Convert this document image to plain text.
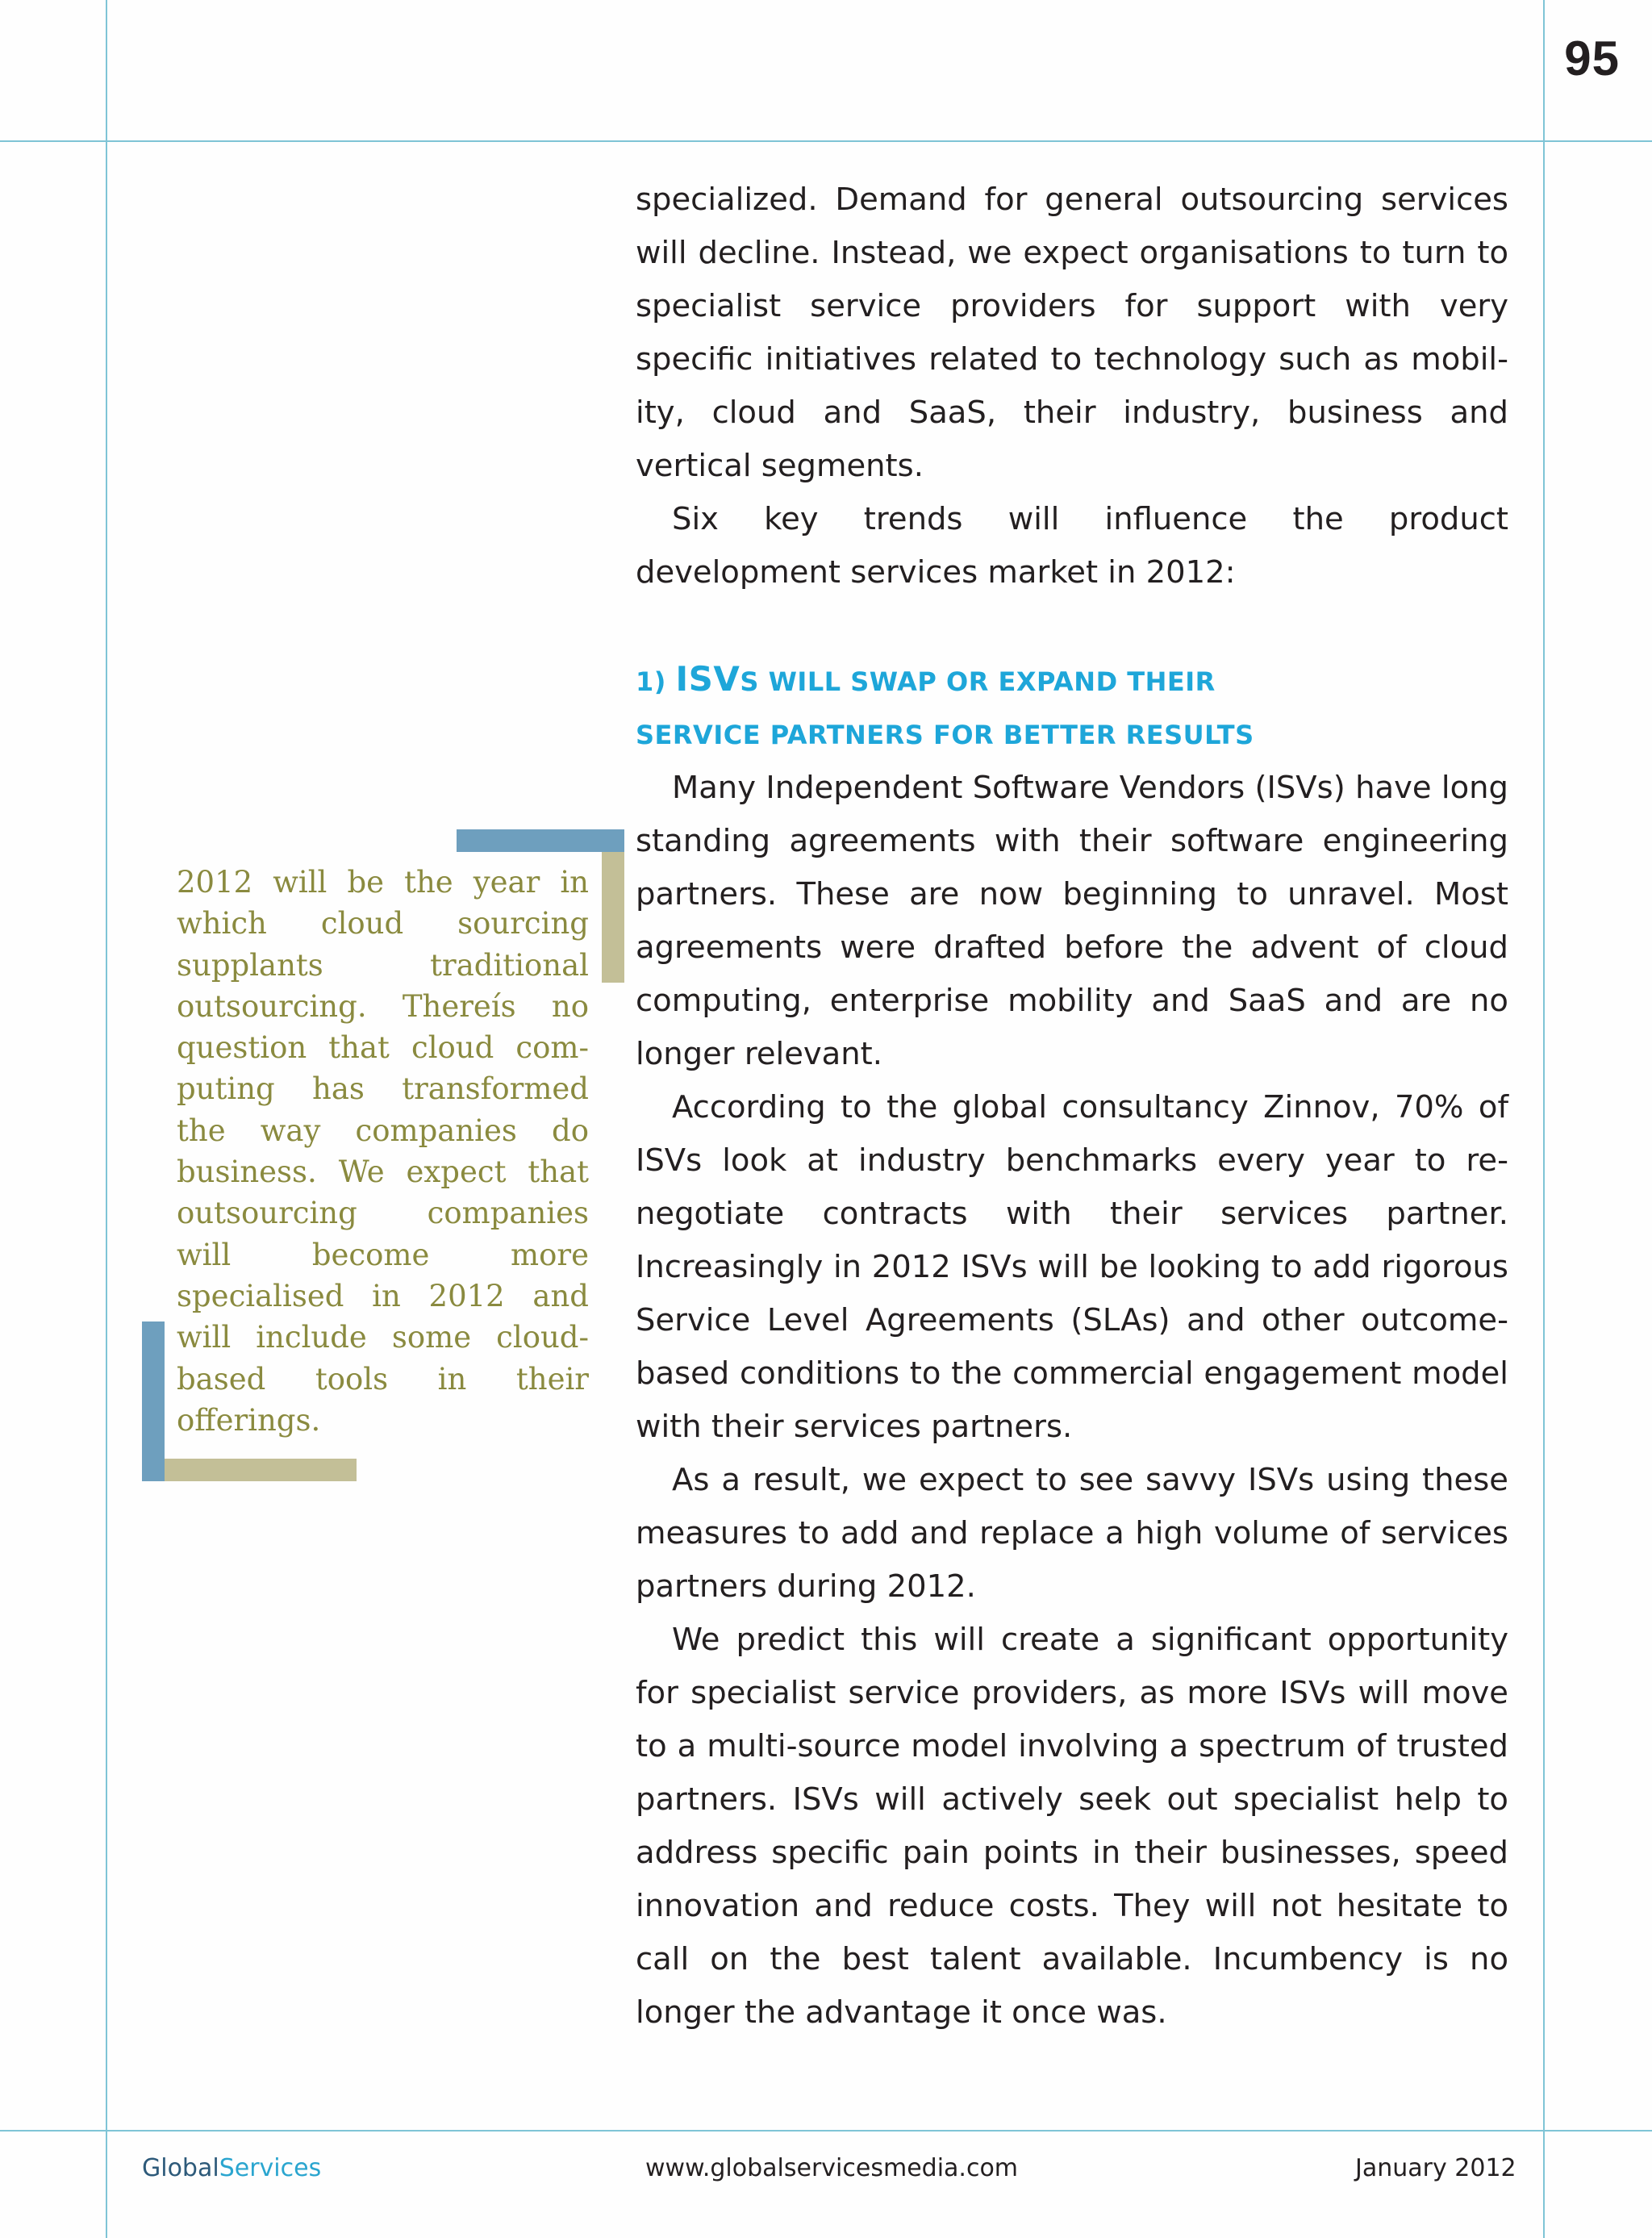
95

specialized. Demand for general outsourcing services will decline. Instead, we expect organisations to turn to specialist service providers for support with very specific initiatives related to technology such as mobility, cloud and SaaS, their industry, business and vertical segments.

Six key trends will influence the product development services market in 2012:

1) ISVS WILL SWAP OR EXPAND THEIR
SERVICE PARTNERS FOR BETTER RESULTS

Many Independent Software Vendors (ISVs) have long standing agreements with their software engineering partners. These are now beginning to unravel. Most agreements were drafted before the advent of cloud computing, enterprise mobility and SaaS and are no longer relevant.

According to the global consultancy Zinnov, 70% of ISVs look at industry benchmarks every year to re-negotiate contracts with their services partner. Increasingly in 2012 ISVs will be looking to add rigorous Service Level Agreements (SLAs) and other outcome-based conditions to the commercial engagement model with their services partners.

As a result, we expect to see savvy ISVs using these measures to add and replace a high volume of services partners during 2012.

We predict this will create a significant opportunity for specialist service providers, as more ISVs will move to a multi-source model involving a spectrum of trusted partners. ISVs will actively seek out specialist help to address specific pain points in their businesses, speed innovation and reduce costs. They will not hesitate to call on the best talent available. Incumbency is no longer the advantage it once was.

2012 will be the year in which cloud sourcing supplants traditional outsourcing. Thereís no question that cloud computing has transformed the way companies do business. We expect that outsourcing companies will become more specialised in 2012 and will include some cloud-based tools in their offerings.
GlobalServices	www.globalservicesmedia.com	January 2012
